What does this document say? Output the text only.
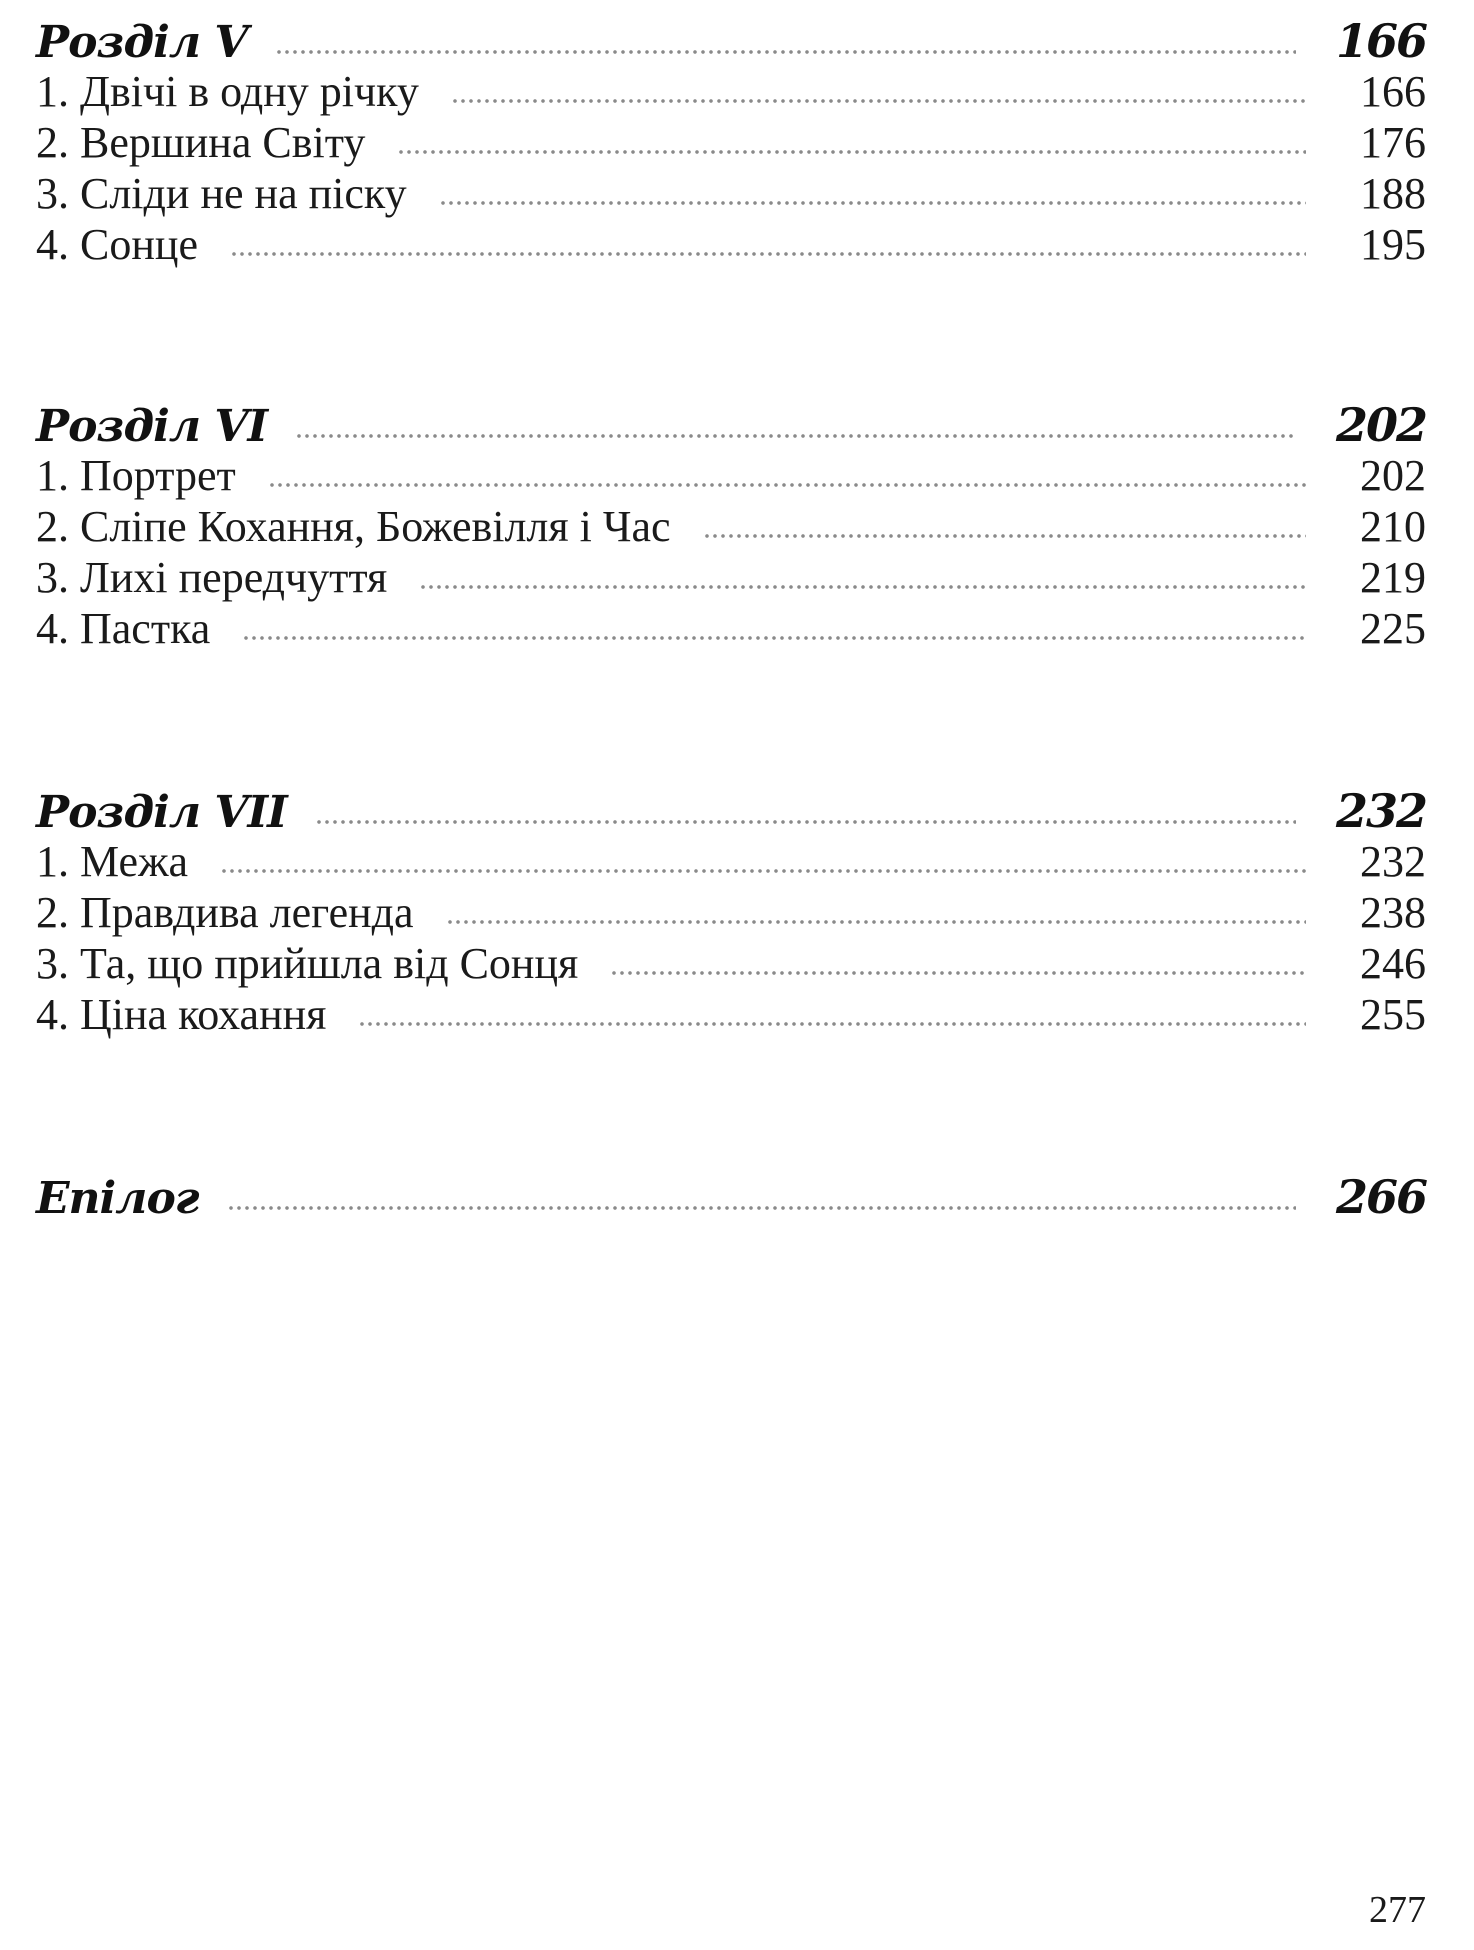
Розділ V	166
1. Двічі в одну річку	166
2. Вершина Світу	176
3. Сліди не на піску	188
4. Сонце	195
Розділ VI	202
1. Портрет	202
2. Сліпе Кохання, Божевілля і Час	210
3. Лихі передчуття	219
4. Пастка	225
Розділ VII	232
1. Межа	232
2. Правдива легенда	238
3. Та, що прийшла від Сонця	246
4. Ціна кохання	255
Епілог	266
277
